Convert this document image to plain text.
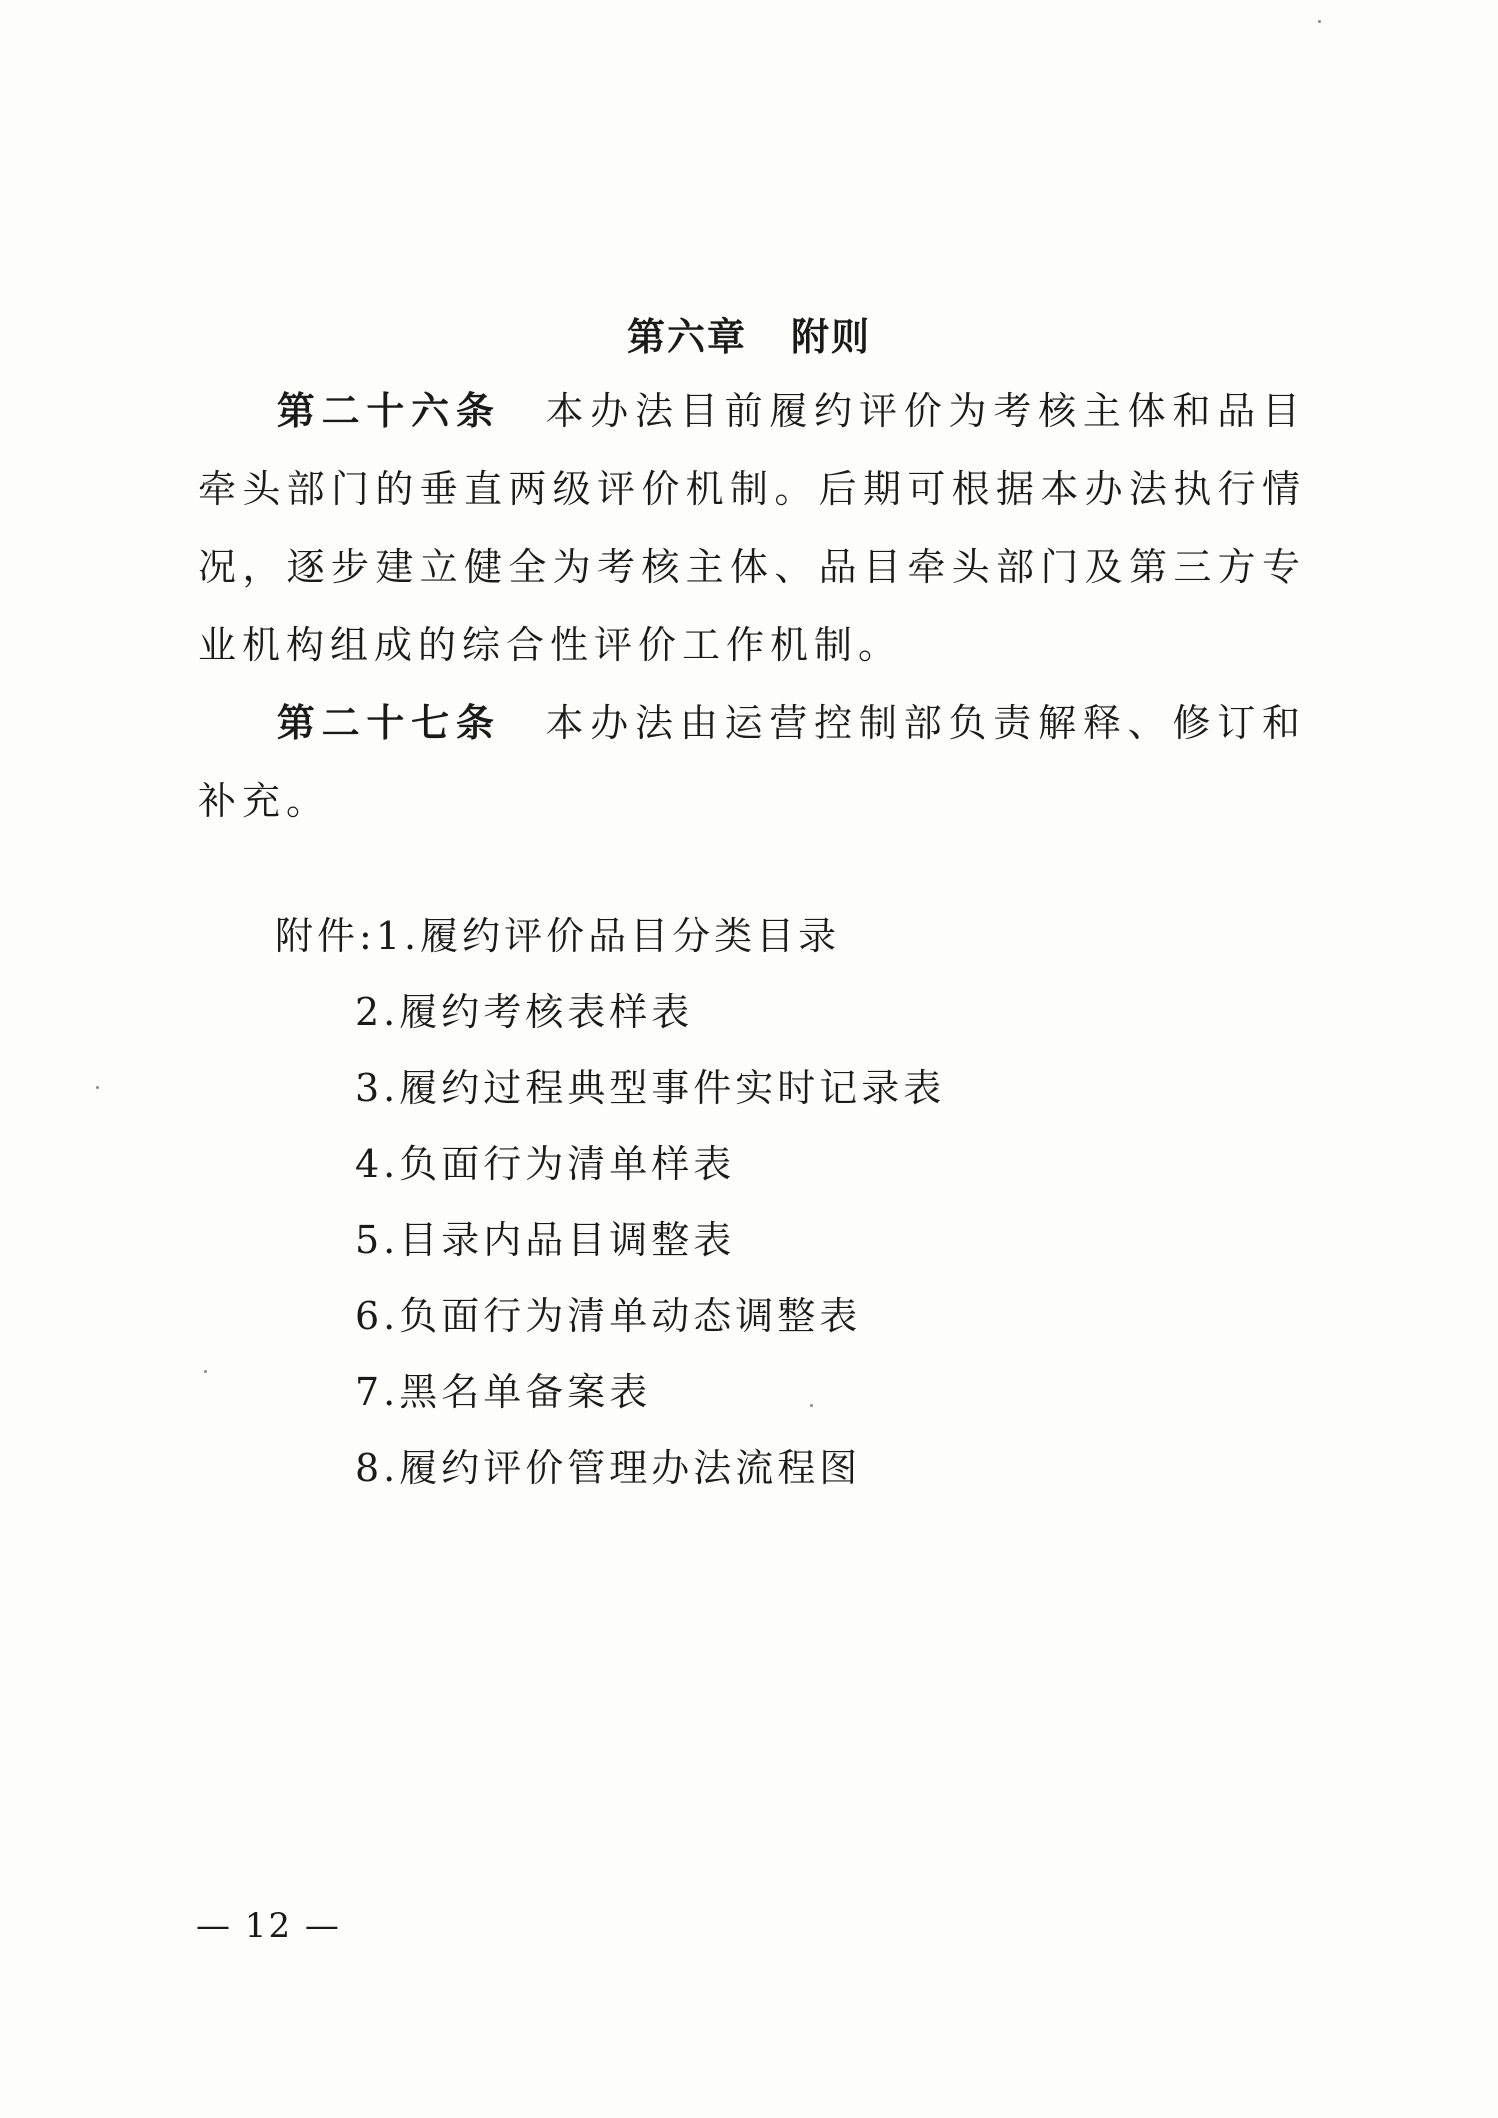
第六章 附则
第二十六条 本办法目前履约评价为考核主体和品目牵头部门的垂直两级评价机制。后期可根据本办法执行情况，逐步建立健全为考核主体、品目牵头部门及第三方专业机构组成的综合性评价工作机制。
第二十七条 本办法由运营控制部负责解释、修订和补充。
附件:1.履约评价品目分类目录
2.履约考核表样表
3.履约过程典型事件实时记录表
4.负面行为清单样表
5.目录内品目调整表
6.负面行为清单动态调整表
7.黑名单备案表
8.履约评价管理办法流程图
— 12 —
